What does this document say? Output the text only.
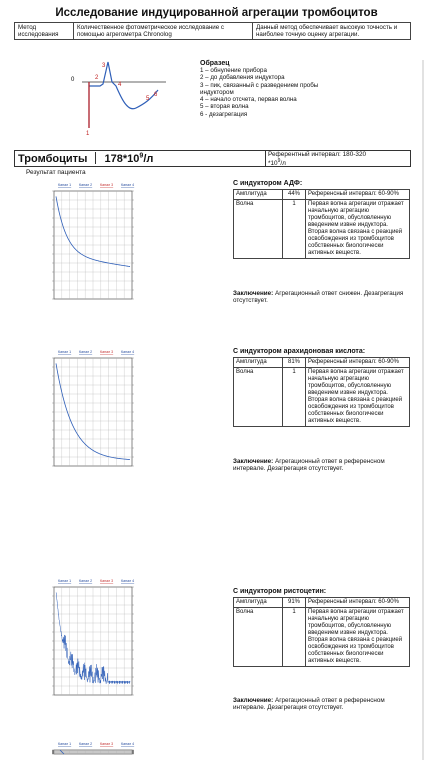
Исследование индуцированной агрегации тромбоцитов
Метод исследования	Количественное фотометрическое исследование с помощью агрегометра Chronolog	Данный метод обеспечивает высокую точность и наиболее точную оценку агрегации.
0
1
2
3
4
5
6
Образец
1 – обнуление прибора
2 – до добавления индуктора
3 – пик, связанный с разведением пробы индуктором
4 – начало отсчета, первая волна
5 – вторая волна
6 - дезагрегация
Тромбоциты $178*10^9/л$	Референтный интервал: 180-320
$*10^9/л$
Результат пациента
Канал 1 Канал 2 Канал 3 Канал 4
Канал 1 Канал 2 Канал 3 Канал 4
Канал 1 Канал 2 Канал 3 Канал 4
Канал 1 Канал 2 Канал 3 Канал 4
С индуктором АДФ:
Амплитуда	44%	Референсный интервал: 60-90%
Волна	1	Первая волна агрегации отражает начальную агрегацию тромбоцитов, обусловленную введением извне индуктора. Вторая волна связана с реакцией освобождения из тромбоцитов собственных биологически активных веществ.
Заключение: Агрегационный ответ снижен. Дезагрегация отсутствует.
С индуктором арахидоновая кислота:
Амплитуда	81%	Референсный интервал: 60-90%
Волна	1	Первая волна агрегации отражает начальную агрегацию тромбоцитов, обусловленную введением извне индуктора. Вторая волна связана с реакцией освобождения из тромбоцитов собственных биологически активных веществ.
Заключение: Агрегационный ответ в референсном интервале. Дезагрегация отсутствует.
С индуктором ристоцетин:
Амплитуда	91%	Референсный интервал: 60-90%
Волна	1	Первая волна агрегации отражает начальную агрегацию тромбоцитов, обусловленную введением извне индуктора. Вторая волна связана с реакцией освобождения из тромбоцитов собственных биологически активных веществ.
Заключение: Агрегационный ответ в референсном интервале. Дезагрегация отсутствует.
